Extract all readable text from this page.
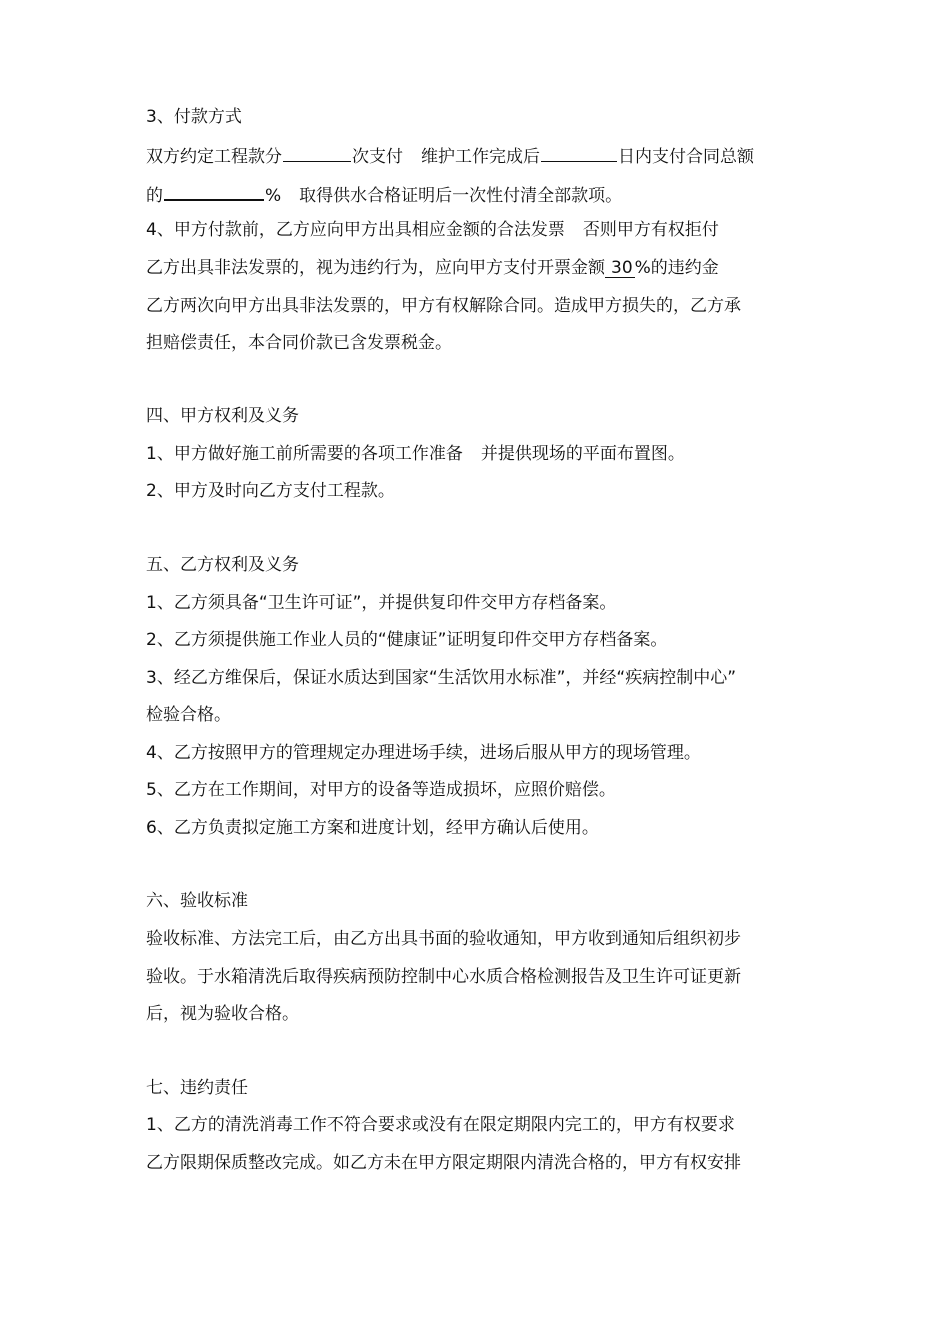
3、付款方式
双方约定工程款分	次支付 维护工作完成后	日内支付合同总额
的	% 取得供水合格证明后一次性付清全部款项。
4、甲方付款前，乙方应向甲方出具相应金额的合法发票 否则甲方有权拒付
乙方出具非法发票的，视为违约行为，应向甲方支付开票金额 30 %的违约金
乙方两次向甲方出具非法发票的，甲方有权解除合同。造成甲方损失的，乙方承
担赔偿责任，本合同价款已含发票税金。
四、甲方权利及义务
1、甲方做好施工前所需要的各项工作准备 并提供现场的平面布置图。
2、甲方及时向乙方支付工程款。
五、乙方权利及义务
1、乙方须具备“卫生许可证”，并提供复印件交甲方存档备案。
2、乙方须提供施工作业人员的“健康证”证明复印件交甲方存档备案。
3、经乙方维保后，保证水质达到国家“生活饮用水标准”，并经“疾病控制中心”
检验合格。
4、乙方按照甲方的管理规定办理进场手续，进场后服从甲方的现场管理。
5、乙方在工作期间，对甲方的设备等造成损坏，应照价赔偿。
6、乙方负责拟定施工方案和进度计划，经甲方确认后使用。
六、验收标准
验收标准、方法完工后，由乙方出具书面的验收通知，甲方收到通知后组织初步
验收。于水箱清洗后取得疾病预防控制中心水质合格检测报告及卫生许可证更新
后，视为验收合格。
七、违约责任
1、乙方的清洗消毒工作不符合要求或没有在限定期限内完工的，甲方有权要求
乙方限期保质整改完成。如乙方未在甲方限定期限内清洗合格的，甲方有权安排
